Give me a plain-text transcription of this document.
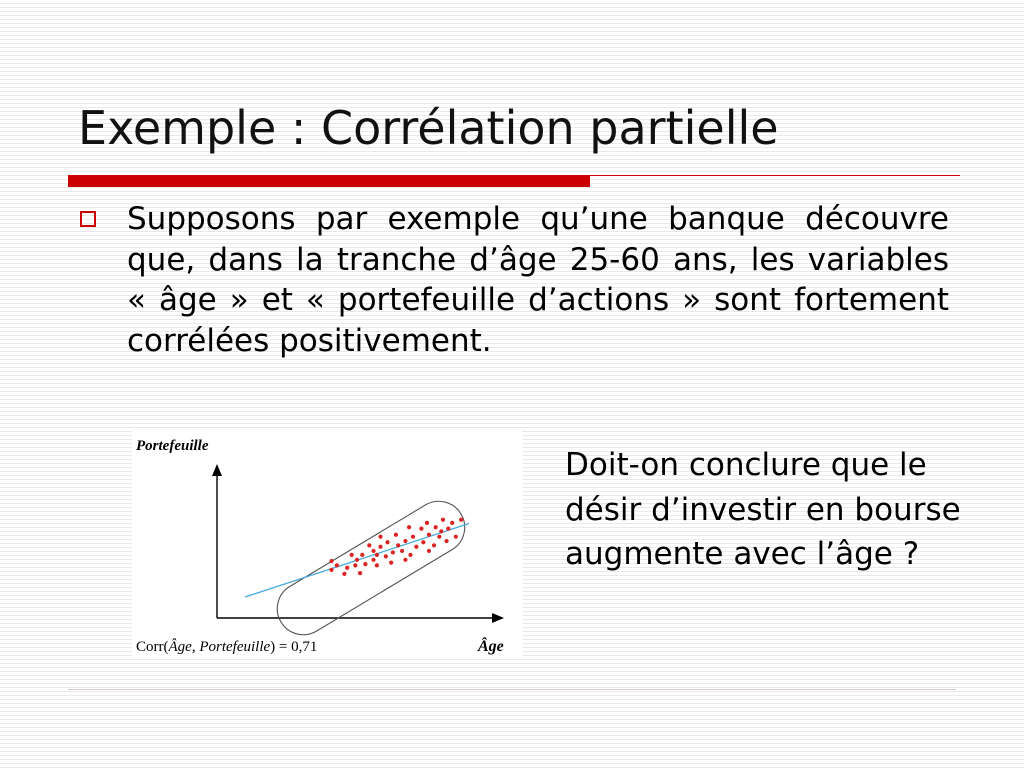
Exemple : Corrélation partielle
Supposons par exemple qu’une banque découvre que, dans la tranche d’âge 25-60 ans, les variables « âge » et « portefeuille d’actions » sont fortement corrélées positivement.
Portefeuille
Âge
Corr(Âge, Portefeuille) = 0,71
Doit-on conclure que le désir d’investir en bourse augmente avec l’âge ?
